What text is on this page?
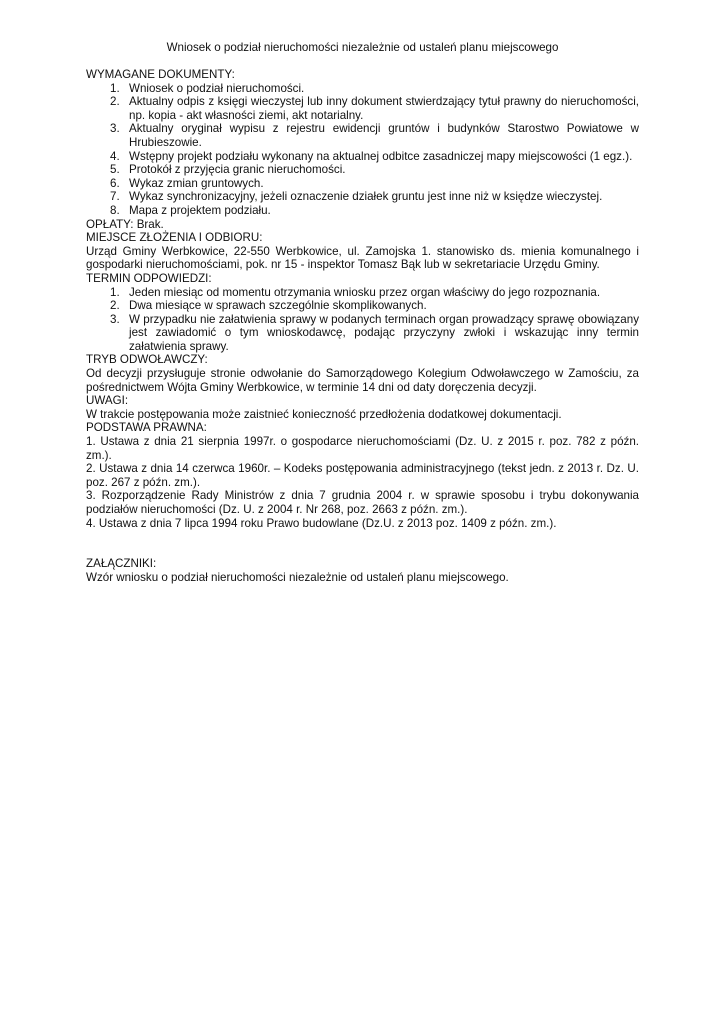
Wniosek o podział nieruchomości niezależnie od ustaleń planu miejscowego
WYMAGANE DOKUMENTY:
1. Wniosek o podział nieruchomości.
2. Aktualny odpis z księgi wieczystej lub inny dokument stwierdzający tytuł prawny do nieruchomości, np. kopia - akt własności ziemi, akt notarialny.
3. Aktualny oryginał wypisu z rejestru ewidencji gruntów i budynków Starostwo Powiatowe w Hrubieszowie.
4. Wstępny projekt podziału wykonany na aktualnej odbitce zasadniczej mapy miejscowości (1 egz.).
5. Protokół z przyjęcia granic nieruchomości.
6. Wykaz zmian gruntowych.
7. Wykaz synchronizacyjny, jeżeli oznaczenie działek gruntu jest inne niż w księdze wieczystej.
8. Mapa z projektem podziału.
OPŁATY: Brak.
MIEJSCE ZŁOŻENIA I ODBIORU:
Urząd Gminy Werbkowice, 22-550 Werbkowice, ul. Zamojska 1. stanowisko ds. mienia komunalnego i gospodarki nieruchomościami, pok. nr 15 - inspektor Tomasz Bąk lub w sekretariacie Urzędu Gminy.
TERMIN ODPOWIEDZI:
1. Jeden miesiąc od momentu otrzymania wniosku przez organ właściwy do jego rozpoznania.
2. Dwa miesiące w sprawach szczególnie skomplikowanych.
3. W przypadku nie załatwienia sprawy w podanych terminach organ prowadzący sprawę obowiązany jest zawiadomić o tym wnioskodawcę, podając przyczyny zwłoki i wskazując inny termin załatwienia sprawy.
TRYB ODWOŁAWCZY:
Od decyzji przysługuje stronie odwołanie do Samorządowego Kolegium Odwoławczego w Zamościu, za pośrednictwem Wójta Gminy Werbkowice, w terminie 14 dni od daty doręczenia decyzji.
UWAGI:
W trakcie postępowania może zaistnieć konieczność przedłożenia dodatkowej dokumentacji.
PODSTAWA PRAWNA:
1. Ustawa z dnia 21 sierpnia 1997r. o gospodarce nieruchomościami (Dz. U. z 2015 r. poz. 782 z późn. zm.).
2. Ustawa z dnia 14 czerwca 1960r. – Kodeks postępowania administracyjnego (tekst jedn. z 2013 r. Dz. U. poz. 267 z późn. zm.).
3. Rozporządzenie Rady Ministrów z dnia 7 grudnia 2004 r. w sprawie sposobu i trybu dokonywania podziałów nieruchomości (Dz. U. z 2004 r. Nr 268, poz. 2663 z późn. zm.).
4. Ustawa z dnia 7 lipca 1994 roku Prawo budowlane (Dz.U. z 2013 poz. 1409 z późn. zm.).
ZAŁĄCZNIKI:
Wzór wniosku o podział nieruchomości niezależnie od ustaleń planu miejscowego.
